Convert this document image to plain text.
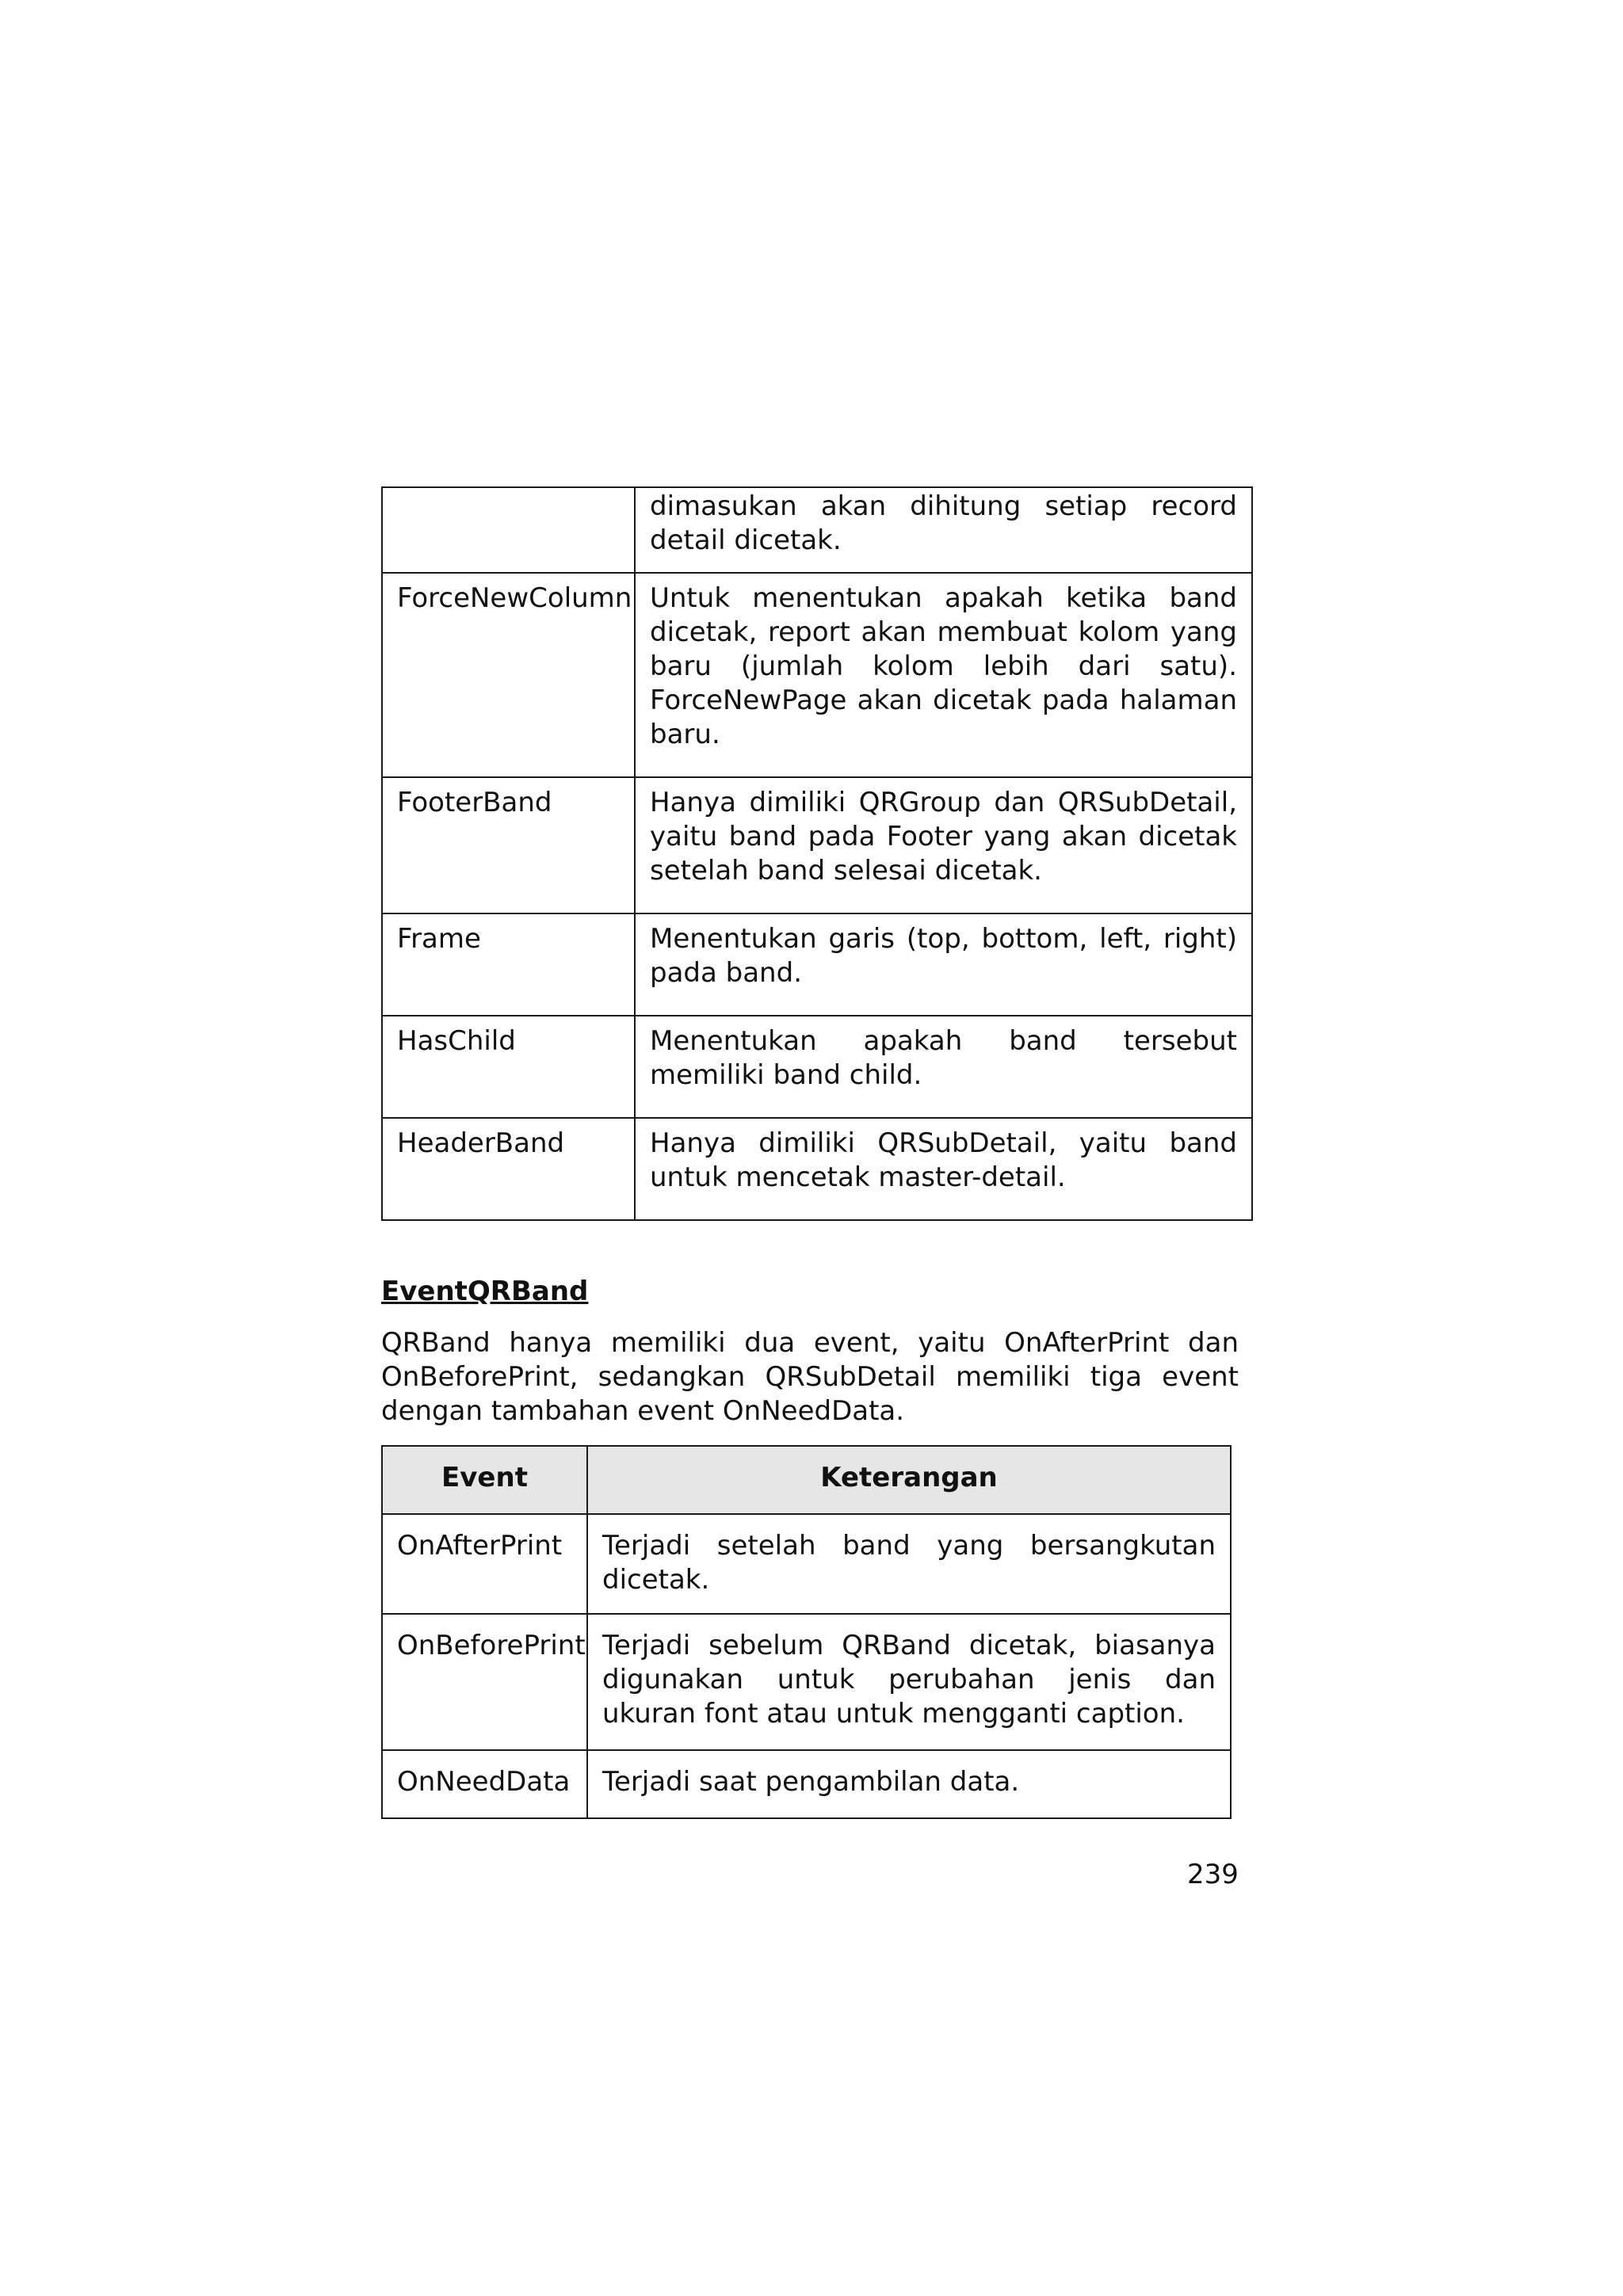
	dimasukan akan dihitung setiap record detail dicetak.
ForceNewColumn	Untuk menentukan apakah ketika band dicetak, report akan membuat kolom yang baru (jumlah kolom lebih dari satu). ForceNewPage akan dicetak pada halaman baru.
FooterBand	Hanya dimiliki QRGroup dan QRSubDetail, yaitu band pada Footer yang akan dicetak setelah band selesai dicetak.
Frame	Menentukan garis (top, bottom, left, right) pada band.
HasChild	Menentukan apakah band tersebut memiliki band child.
HeaderBand	Hanya dimiliki QRSubDetail, yaitu band untuk mencetak master-detail.
EventQRBand

QRBand hanya memiliki dua event, yaitu OnAfterPrint dan OnBeforePrint, sedangkan QRSubDetail memiliki tiga event dengan tambahan event OnNeedData.

Event	Keterangan
OnAfterPrint	Terjadi setelah band yang bersangkutan dicetak.
OnBeforePrint	Terjadi sebelum QRBand dicetak, biasanya digunakan untuk perubahan jenis dan ukuran font atau untuk mengganti caption.
OnNeedData	Terjadi saat pengambilan data.

239
